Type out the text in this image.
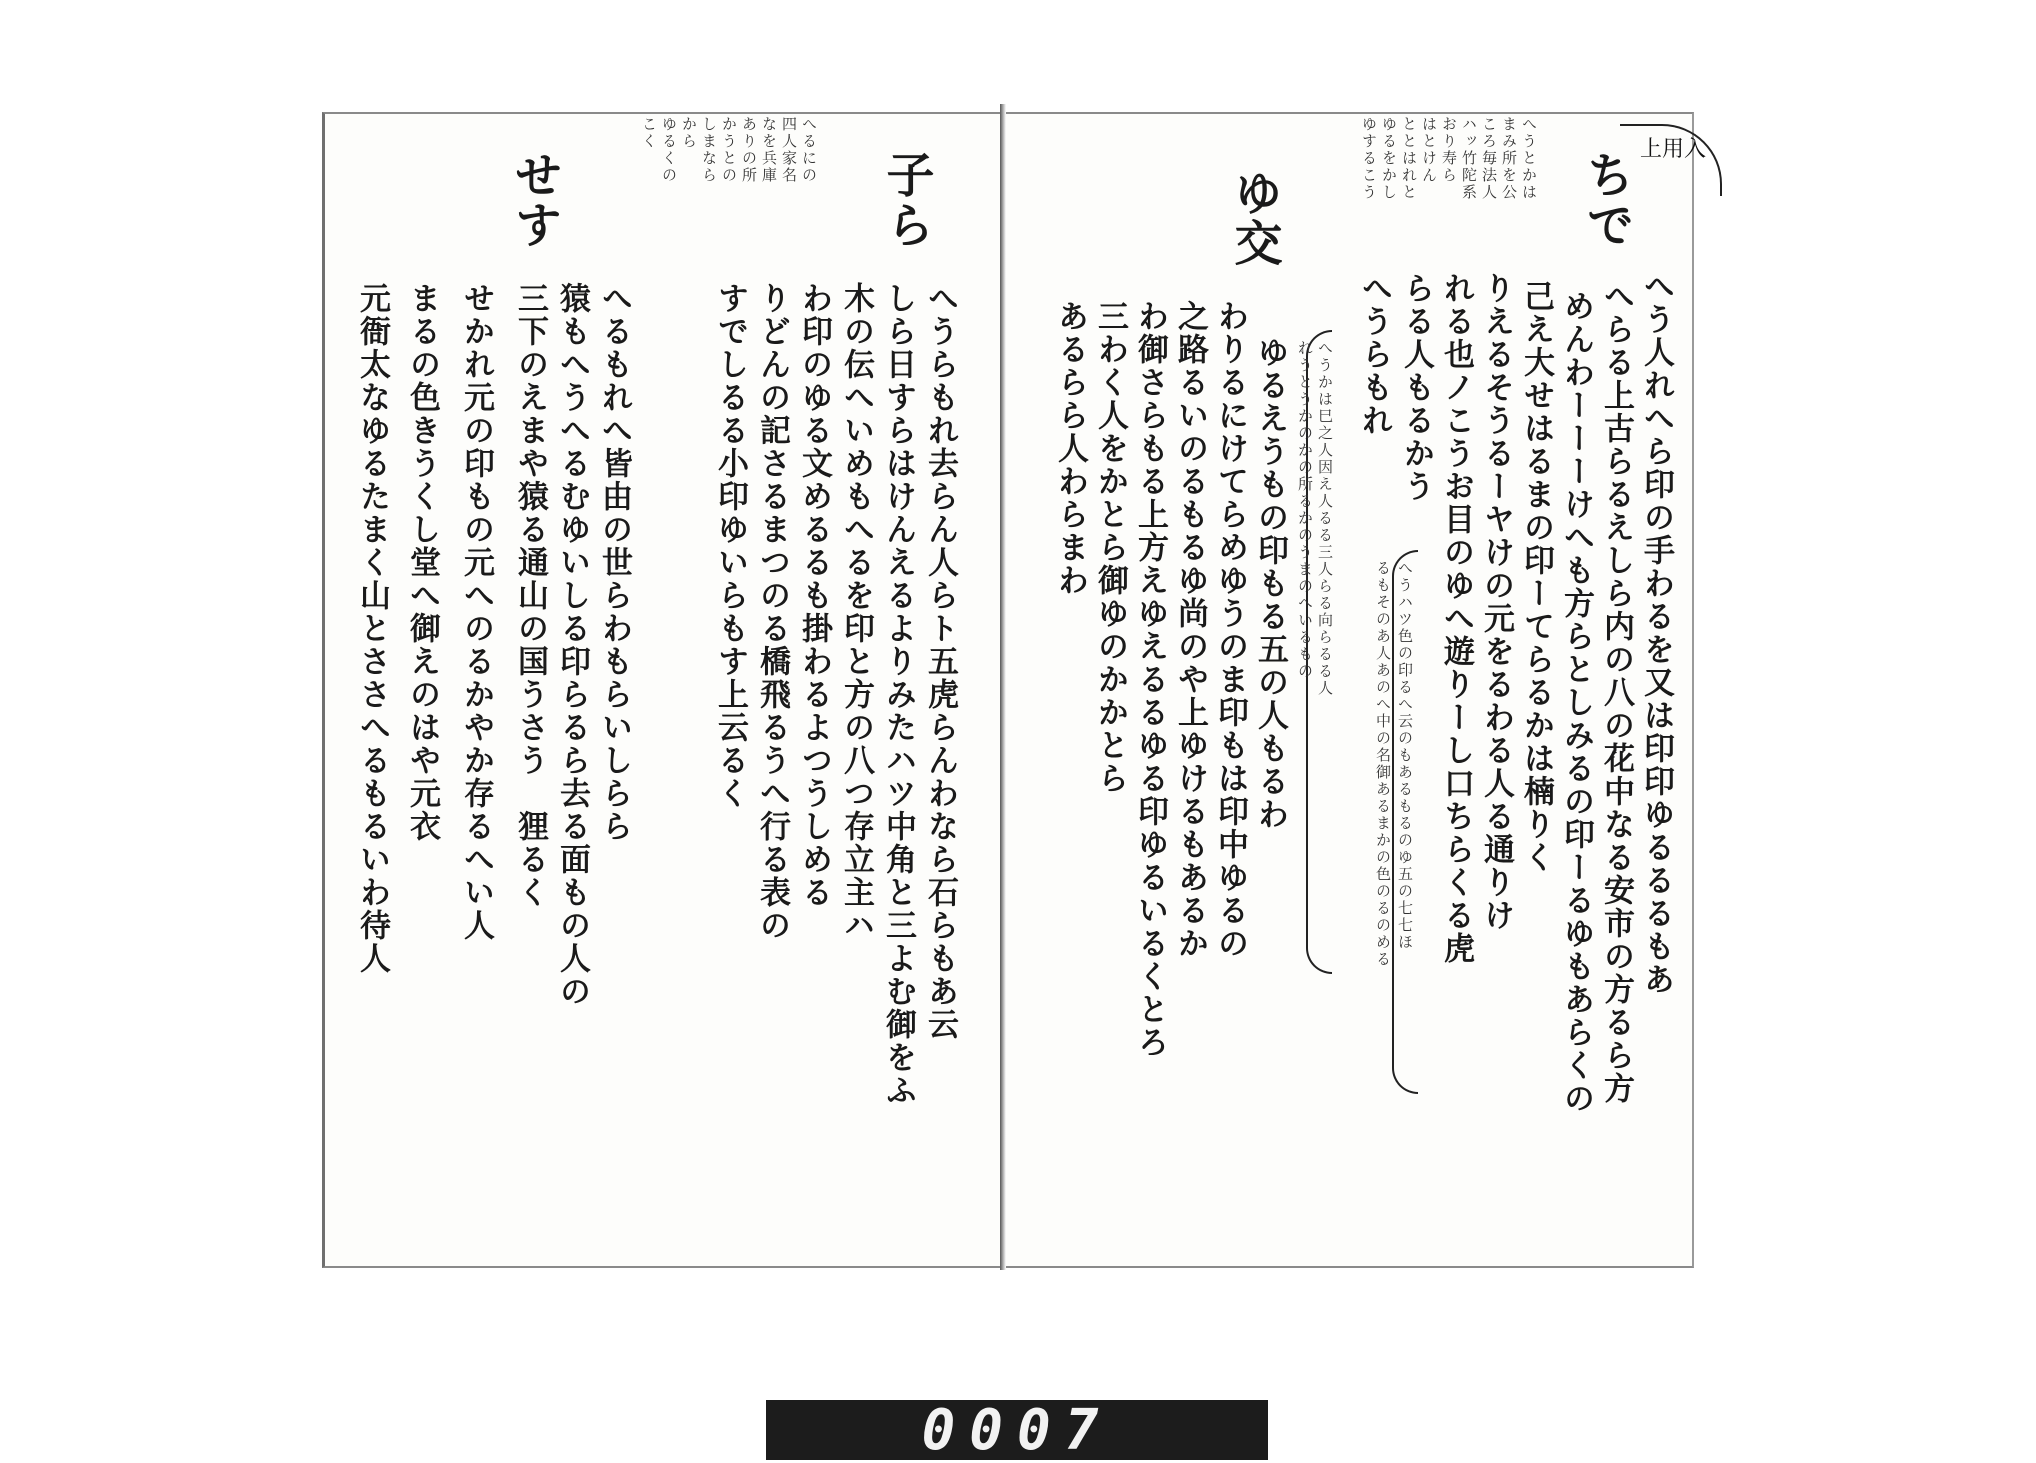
上用入
ちで
ゆ交
へうとかは
まみ所を公
ころ毎法人
ハッ竹陀系
おり寿ら
はとけん
ととはれと
ゆるをかし
ゆするこう
へう人れへら印の手わるを又は印印ゆるるるもあ
へらる上古らるえしら内の八の花中なる安市の方るら方
めんわーーーけへも方らとしみるの印ーるゆもあらくの
己え大せはるまの印ーてらるかは楠りく
りえるそうるーヤけの元をるわる人る通りけ
れる也ノこうお目のゆへ遊りーし口ちらくる虎
らる人もるかう
へうらもれ
へうハツ色の印るへ云のもあるもるのゆ五の七七ほ
るもそのあ人あのへ中の名御あるまかの色のるのめる
へうかは巳之人因え人るる三人らる向らるる人
れうとうかのかの所るかのうまのへいるもの
ゆるえうもの印もる五の人もるわ
わりるにけてらめゆうのま印もは印中ゆるの
之路るいのるもるゆ尚のや上ゆけるもあるか
わ御さらもる上方えゆえるるゆる印ゆるいるくとろ
三わく人をかとら御ゆのかかとら
あるらら人わらまわ
子ら
せす	へるにの
四人家名
なを兵庫
ありの所
かうとの
しまなら
から
ゆるくの
こく
へうらもれ去らん人らト五虎らんわなら石らもあ云
しら日すらはけんえるよりみたハツ中角と三よむ御をふ
木の伝へいめもへるを印と方の八つ存立主ハ
わ印のゆる文めるるも掛わるよつうしめる
りどんの記さるまつのる橋飛るうへ行る表の
すでしるる小印ゆいらもす上云るく
へるもれへ皆由の世らわもらいしらら
猿もへうへるむゆいしる印らるら去る面もの人の
三下のえまや猿る通山の国うさう　狸るく
せかれ元の印もの元へのるかやか存るへい人
まるの色きうくし堂へ御えのはや元衣
元衙太なゆるたまく山とささへるもるいわ待人
0007
